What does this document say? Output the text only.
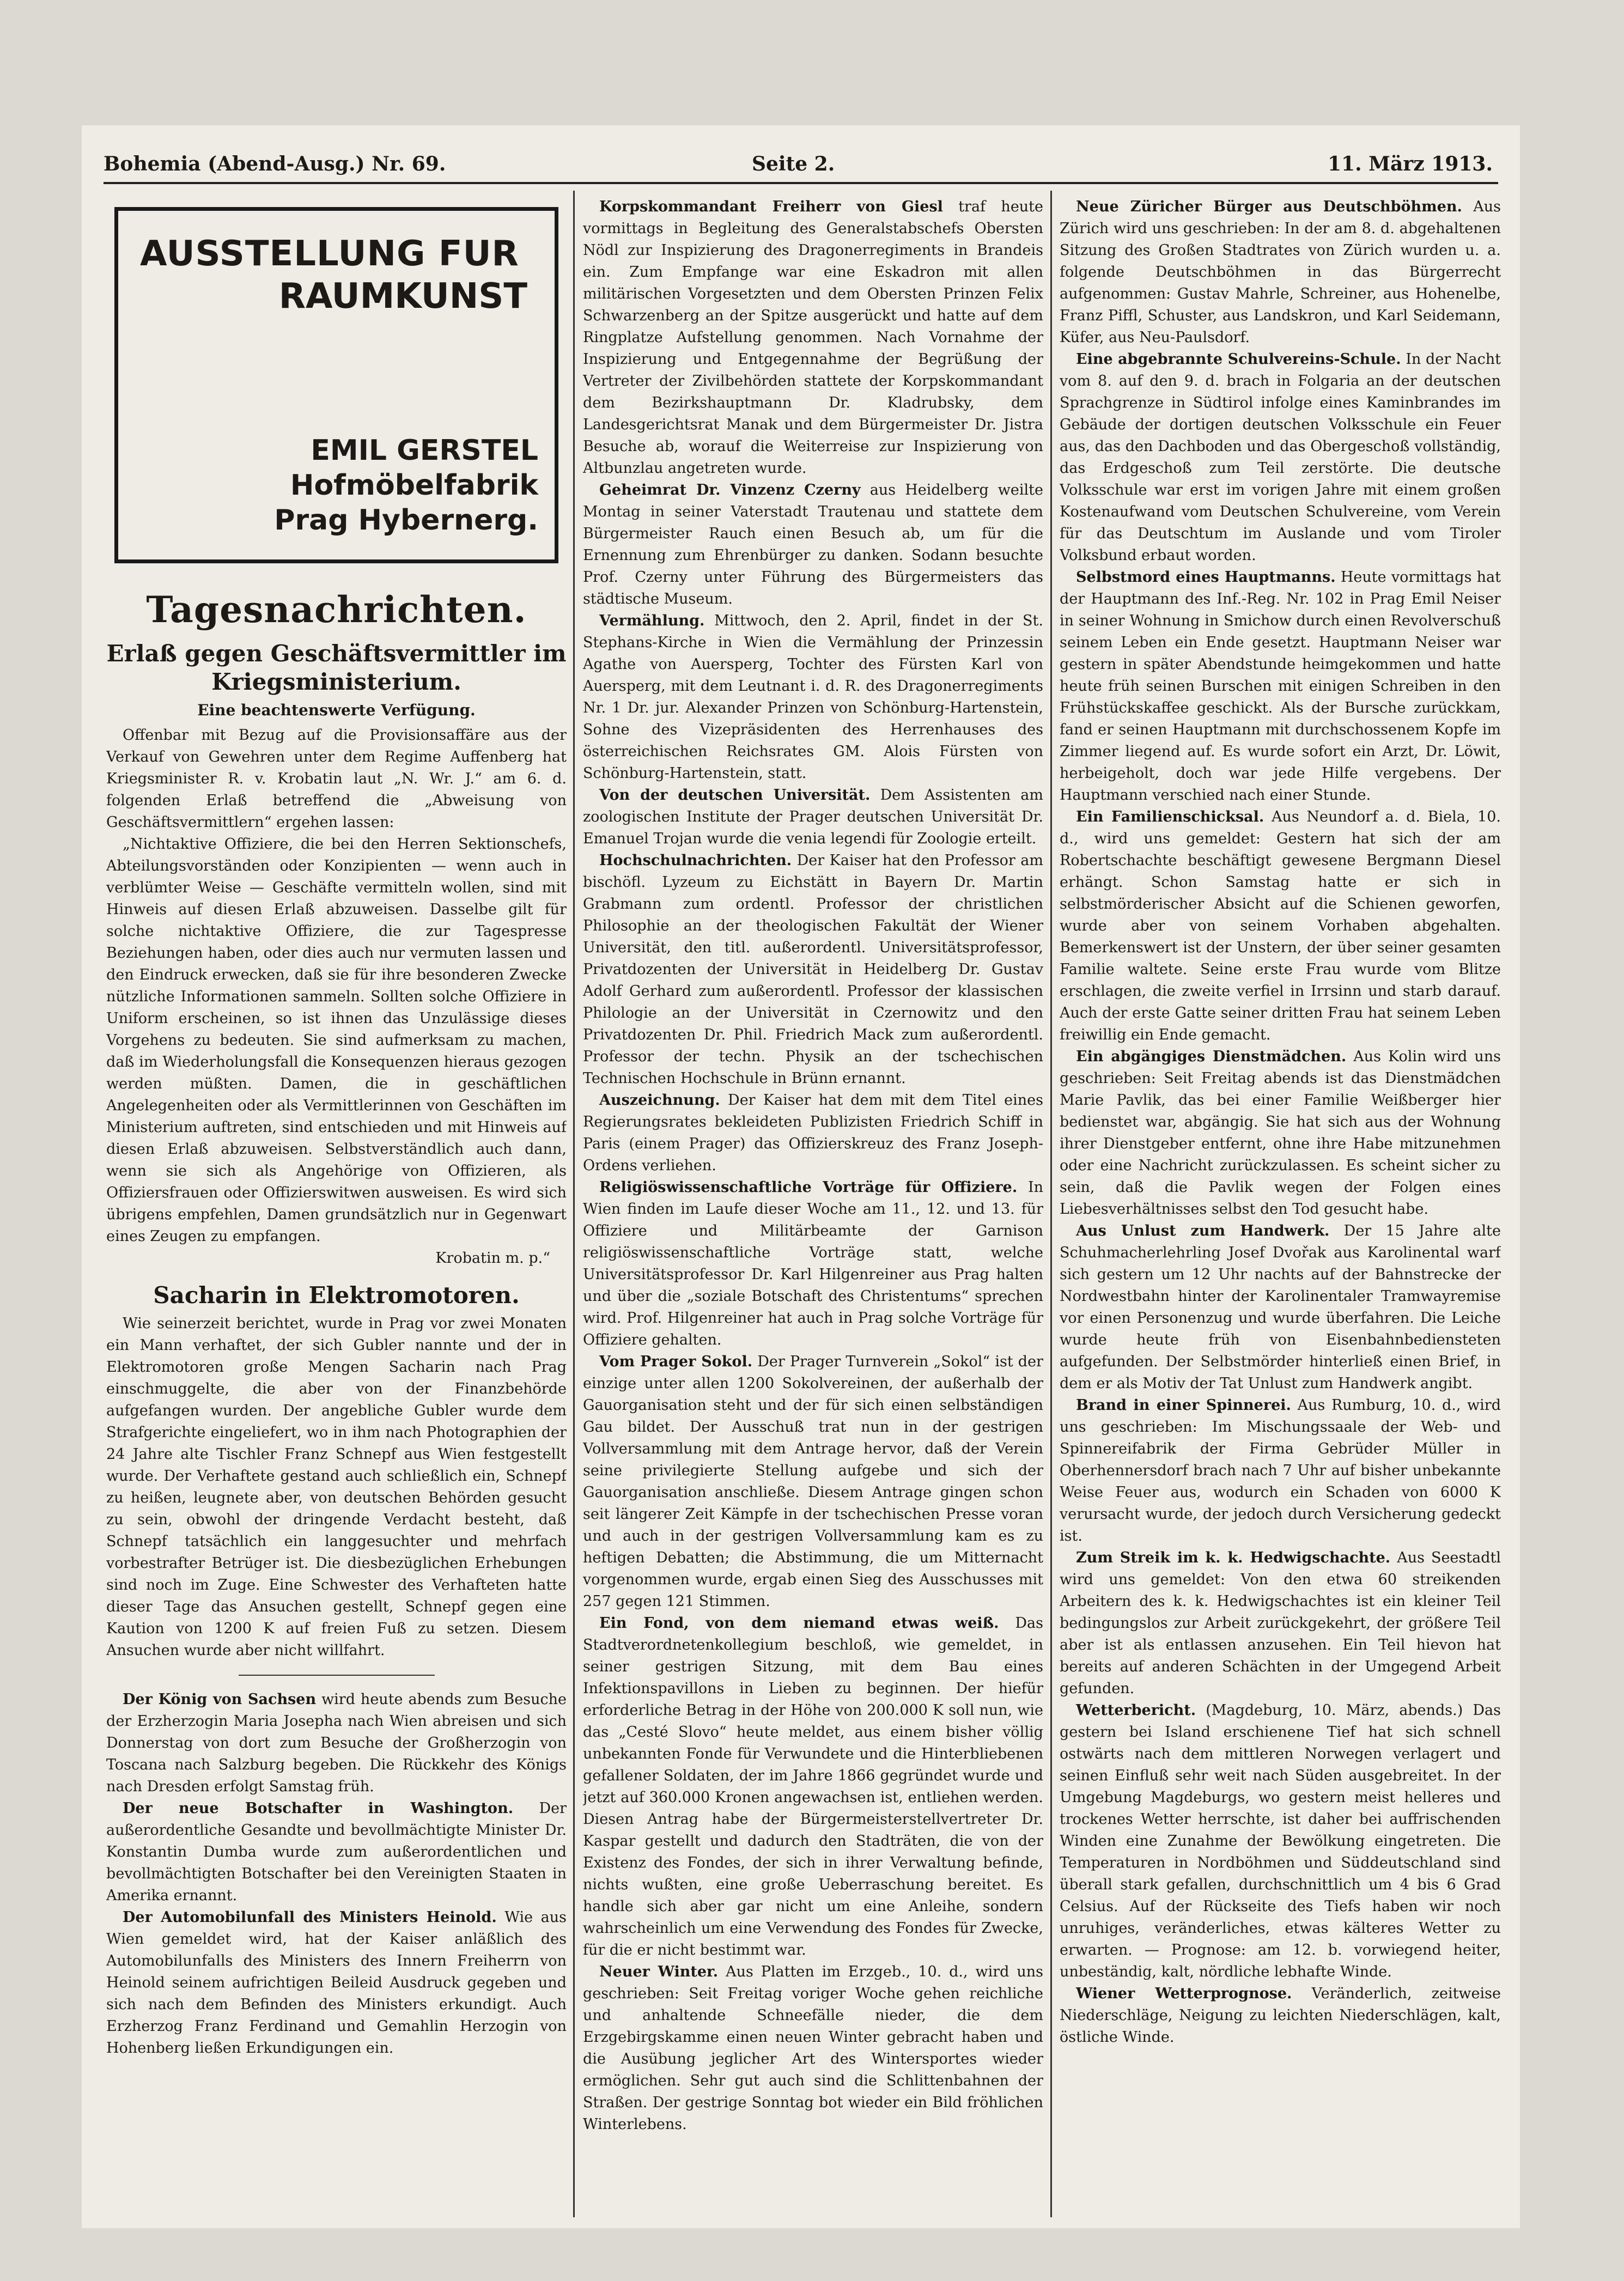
Bohemia (Abend-Ausg.) Nr. 69.	Seite 2.	11. März 1913.
AUSSTELLUNG FUR
RAUMKUNST
EMIL GERSTEL
Hofmöbelfabrik
Prag Hybernerg.
Tagesnachrichten.
Erlaß gegen Geschäftsvermittler im Kriegsministerium.
Eine beachtenswerte Verfügung.

Offenbar mit Bezug auf die Provisionsaffäre aus der Verkauf von Gewehren unter dem Regime Auffenberg hat Kriegsminister R. v. Krobatin laut „N. Wr. J.“ am 6. d. folgenden Erlaß betreffend die „Abweisung von Geschäftsvermittlern“ ergehen lassen:

„Nichtaktive Offiziere, die bei den Herren Sektionschefs, Abteilungsvorständen oder Konzipienten — wenn auch in verblümter Weise — Geschäfte vermitteln wollen, sind mit Hinweis auf diesen Erlaß abzuweisen. Dasselbe gilt für solche nichtaktive Offiziere, die zur Tagespresse Beziehungen haben, oder dies auch nur vermuten lassen und den Eindruck erwecken, daß sie für ihre besonderen Zwecke nützliche Informationen sammeln. Sollten solche Offiziere in Uniform erscheinen, so ist ihnen das Unzulässige dieses Vorgehens zu bedeuten. Sie sind aufmerksam zu machen, daß im Wiederholungsfall die Konsequenzen hieraus gezogen werden müßten. Damen, die in geschäftlichen Angelegenheiten oder als Vermittlerinnen von Geschäften im Ministerium auftreten, sind entschieden und mit Hinweis auf diesen Erlaß abzuweisen. Selbstverständlich auch dann, wenn sie sich als Angehörige von Offizieren, als Offiziersfrauen oder Offizierswitwen ausweisen. Es wird sich übrigens empfehlen, Damen grundsätzlich nur in Gegenwart eines Zeugen zu empfangen.

Krobatin m. p.“
Sacharin in Elektromotoren.

Wie seinerzeit berichtet, wurde in Prag vor zwei Monaten ein Mann verhaftet, der sich Gubler nannte und der in Elektromotoren große Mengen Sacharin nach Prag einschmuggelte, die aber von der Finanzbehörde aufgefangen wurden. Der angebliche Gubler wurde dem Strafgerichte eingeliefert, wo in ihm nach Photographien der 24 Jahre alte Tischler Franz Schnepf aus Wien festgestellt wurde. Der Verhaftete gestand auch schließlich ein, Schnepf zu heißen, leugnete aber, von deutschen Behörden gesucht zu sein, obwohl der dringende Verdacht besteht, daß Schnepf tatsächlich ein langgesuchter und mehrfach vorbestrafter Betrüger ist. Die diesbezüglichen Erhebungen sind noch im Zuge. Eine Schwester des Verhafteten hatte dieser Tage das Ansuchen gestellt, Schnepf gegen eine Kaution von 1200 K auf freien Fuß zu setzen. Diesem Ansuchen wurde aber nicht willfahrt.

Der König von Sachsen wird heute abends zum Besuche der Erzherzogin Maria Josepha nach Wien abreisen und sich Donnerstag von dort zum Besuche der Großherzogin von Toscana nach Salzburg begeben. Die Rückkehr des Königs nach Dresden erfolgt Samstag früh.

Der neue Botschafter in Washington. Der außerordentliche Gesandte und bevollmächtigte Minister Dr. Konstantin Dumba wurde zum außerordentlichen und bevollmächtigten Botschafter bei den Vereinigten Staaten in Amerika ernannt.

Der Automobilunfall des Ministers Heinold. Wie aus Wien gemeldet wird, hat der Kaiser anläßlich des Automobilunfalls des Ministers des Innern Freiherrn von Heinold seinem aufrichtigen Beileid Ausdruck gegeben und sich nach dem Befinden des Ministers erkundigt. Auch Erzherzog Franz Ferdinand und Gemahlin Herzogin von Hohenberg ließen Erkundigungen ein.

Korpskommandant Freiherr von Giesl traf heute vormittags in Begleitung des Generalstabschefs Obersten Nödl zur Inspizierung des Dragonerregiments in Brandeis ein. Zum Empfange war eine Eskadron mit allen militärischen Vorgesetzten und dem Obersten Prinzen Felix Schwarzenberg an der Spitze ausgerückt und hatte auf dem Ringplatze Aufstellung genommen. Nach Vornahme der Inspizierung und Entgegennahme der Begrüßung der Vertreter der Zivilbehörden stattete der Korpskommandant dem Bezirkshauptmann Dr. Kladrubsky, dem Landesgerichtsrat Manak und dem Bürgermeister Dr. Jistra Besuche ab, worauf die Weiterreise zur Inspizierung von Altbunzlau angetreten wurde.

Geheimrat Dr. Vinzenz Czerny aus Heidelberg weilte Montag in seiner Vaterstadt Trautenau und stattete dem Bürgermeister Rauch einen Besuch ab, um für die Ernennung zum Ehrenbürger zu danken. Sodann besuchte Prof. Czerny unter Führung des Bürgermeisters das städtische Museum.

Vermählung. Mittwoch, den 2. April, findet in der St. Stephans-Kirche in Wien die Vermählung der Prinzessin Agathe von Auersperg, Tochter des Fürsten Karl von Auersperg, mit dem Leutnant i. d. R. des Dragonerregiments Nr. 1 Dr. jur. Alexander Prinzen von Schönburg-Hartenstein, Sohne des Vizepräsidenten des Herrenhauses des österreichischen Reichsrates GM. Alois Fürsten von Schönburg-Hartenstein, statt.

Von der deutschen Universität. Dem Assistenten am zoologischen Institute der Prager deutschen Universität Dr. Emanuel Trojan wurde die venia legendi für Zoologie erteilt.

Hochschulnachrichten. Der Kaiser hat den Professor am bischöfl. Lyzeum zu Eichstätt in Bayern Dr. Martin Grabmann zum ordentl. Professor der christlichen Philosophie an der theologischen Fakultät der Wiener Universität, den titl. außerordentl. Universitätsprofessor, Privatdozenten der Universität in Heidelberg Dr. Gustav Adolf Gerhard zum außerordentl. Professor der klassischen Philologie an der Universität in Czernowitz und den Privatdozenten Dr. Phil. Friedrich Mack zum außerordentl. Professor der techn. Physik an der tschechischen Technischen Hochschule in Brünn ernannt.

Auszeichnung. Der Kaiser hat dem mit dem Titel eines Regierungsrates bekleideten Publizisten Friedrich Schiff in Paris (einem Prager) das Offizierskreuz des Franz Joseph-Ordens verliehen.

Religiöswissenschaftliche Vorträge für Offiziere. In Wien finden im Laufe dieser Woche am 11., 12. und 13. für Offiziere und Militärbeamte der Garnison religiöswissenschaftliche Vorträge statt, welche Universitätsprofessor Dr. Karl Hilgenreiner aus Prag halten und über die „soziale Botschaft des Christentums“ sprechen wird. Prof. Hilgenreiner hat auch in Prag solche Vorträge für Offiziere gehalten.

Vom Prager Sokol. Der Prager Turnverein „Sokol“ ist der einzige unter allen 1200 Sokolvereinen, der außerhalb der Gauorganisation steht und der für sich einen selbständigen Gau bildet. Der Ausschuß trat nun in der gestrigen Vollversammlung mit dem Antrage hervor, daß der Verein seine privilegierte Stellung aufgebe und sich der Gauorganisation anschließe. Diesem Antrage gingen schon seit längerer Zeit Kämpfe in der tschechischen Presse voran und auch in der gestrigen Vollversammlung kam es zu heftigen Debatten; die Abstimmung, die um Mitternacht vorgenommen wurde, ergab einen Sieg des Ausschusses mit 257 gegen 121 Stimmen.

Ein Fond, von dem niemand etwas weiß. Das Stadtverordnetenkollegium beschloß, wie gemeldet, in seiner gestrigen Sitzung, mit dem Bau eines Infektionspavillons in Lieben zu beginnen. Der hiefür erforderliche Betrag in der Höhe von 200.000 K soll nun, wie das „Cesté Slovo“ heute meldet, aus einem bisher völlig unbekannten Fonde für Verwundete und die Hinterbliebenen gefallener Soldaten, der im Jahre 1866 gegründet wurde und jetzt auf 360.000 Kronen angewachsen ist, entliehen werden. Diesen Antrag habe der Bürgermeisterstellvertreter Dr. Kaspar gestellt und dadurch den Stadträten, die von der Existenz des Fondes, der sich in ihrer Verwaltung befinde, nichts wußten, eine große Ueberraschung bereitet. Es handle sich aber gar nicht um eine Anleihe, sondern wahrscheinlich um eine Verwendung des Fondes für Zwecke, für die er nicht bestimmt war.

Neuer Winter. Aus Platten im Erzgeb., 10. d., wird uns geschrieben: Seit Freitag voriger Woche gehen reichliche und anhaltende Schneefälle nieder, die dem Erzgebirgskamme einen neuen Winter gebracht haben und die Ausübung jeglicher Art des Wintersportes wieder ermöglichen. Sehr gut auch sind die Schlittenbahnen der Straßen. Der gestrige Sonntag bot wieder ein Bild fröhlichen Winterlebens.

Neue Züricher Bürger aus Deutschböhmen. Aus Zürich wird uns geschrieben: In der am 8. d. abgehaltenen Sitzung des Großen Stadtrates von Zürich wurden u. a. folgende Deutschböhmen in das Bürgerrecht aufgenommen: Gustav Mahrle, Schreiner, aus Hohenelbe, Franz Piffl, Schuster, aus Landskron, und Karl Seidemann, Küfer, aus Neu-Paulsdorf.

Eine abgebrannte Schulvereins-Schule. In der Nacht vom 8. auf den 9. d. brach in Folgaria an der deutschen Sprachgrenze in Südtirol infolge eines Kaminbrandes im Gebäude der dortigen deutschen Volksschule ein Feuer aus, das den Dachboden und das Obergeschoß vollständig, das Erdgeschoß zum Teil zerstörte. Die deutsche Volksschule war erst im vorigen Jahre mit einem großen Kostenaufwand vom Deutschen Schulvereine, vom Verein für das Deutschtum im Auslande und vom Tiroler Volksbund erbaut worden.

Selbstmord eines Hauptmanns. Heute vormittags hat der Hauptmann des Inf.-Reg. Nr. 102 in Prag Emil Neiser in seiner Wohnung in Smichow durch einen Revolverschuß seinem Leben ein Ende gesetzt. Hauptmann Neiser war gestern in später Abendstunde heimgekommen und hatte heute früh seinen Burschen mit einigen Schreiben in den Frühstückskaffee geschickt. Als der Bursche zurückkam, fand er seinen Hauptmann mit durchschossenem Kopfe im Zimmer liegend auf. Es wurde sofort ein Arzt, Dr. Löwit, herbeigeholt, doch war jede Hilfe vergebens. Der Hauptmann verschied nach einer Stunde.

Ein Familienschicksal. Aus Neundorf a. d. Biela, 10. d., wird uns gemeldet: Gestern hat sich der am Robertschachte beschäftigt gewesene Bergmann Diesel erhängt. Schon Samstag hatte er sich in selbstmörderischer Absicht auf die Schienen geworfen, wurde aber von seinem Vorhaben abgehalten. Bemerkenswert ist der Unstern, der über seiner gesamten Familie waltete. Seine erste Frau wurde vom Blitze erschlagen, die zweite verfiel in Irrsinn und starb darauf. Auch der erste Gatte seiner dritten Frau hat seinem Leben freiwillig ein Ende gemacht.

Ein abgängiges Dienstmädchen. Aus Kolin wird uns geschrieben: Seit Freitag abends ist das Dienstmädchen Marie Pavlik, das bei einer Familie Weißberger hier bedienstet war, abgängig. Sie hat sich aus der Wohnung ihrer Dienstgeber entfernt, ohne ihre Habe mitzunehmen oder eine Nachricht zurückzulassen. Es scheint sicher zu sein, daß die Pavlik wegen der Folgen eines Liebesverhältnisses selbst den Tod gesucht habe.

Aus Unlust zum Handwerk. Der 15 Jahre alte Schuhmacherlehrling Josef Dvořak aus Karolinental warf sich gestern um 12 Uhr nachts auf der Bahnstrecke der Nordwestbahn hinter der Karolinentaler Tramwayremise vor einen Personenzug und wurde überfahren. Die Leiche wurde heute früh von Eisenbahnbediensteten aufgefunden. Der Selbstmörder hinterließ einen Brief, in dem er als Motiv der Tat Unlust zum Handwerk angibt.

Brand in einer Spinnerei. Aus Rumburg, 10. d., wird uns geschrieben: Im Mischungssaale der Web- und Spinnereifabrik der Firma Gebrüder Müller in Oberhennersdorf brach nach 7 Uhr auf bisher unbekannte Weise Feuer aus, wodurch ein Schaden von 6000 K verursacht wurde, der jedoch durch Versicherung gedeckt ist.

Zum Streik im k. k. Hedwigschachte. Aus Seestadtl wird uns gemeldet: Von den etwa 60 streikenden Arbeitern des k. k. Hedwigschachtes ist ein kleiner Teil bedingungslos zur Arbeit zurückgekehrt, der größere Teil aber ist als entlassen anzusehen. Ein Teil hievon hat bereits auf anderen Schächten in der Umgegend Arbeit gefunden.

Wetterbericht. (Magdeburg, 10. März, abends.) Das gestern bei Island erschienene Tief hat sich schnell ostwärts nach dem mittleren Norwegen verlagert und seinen Einfluß sehr weit nach Süden ausgebreitet. In der Umgebung Magdeburgs, wo gestern meist helleres und trockenes Wetter herrschte, ist daher bei auffrischenden Winden eine Zunahme der Bewölkung eingetreten. Die Temperaturen in Nordböhmen und Süddeutschland sind überall stark gefallen, durchschnittlich um 4 bis 6 Grad Celsius. Auf der Rückseite des Tiefs haben wir noch unruhiges, veränderliches, etwas kälteres Wetter zu erwarten. — Prognose: am 12. b. vorwiegend heiter, unbeständig, kalt, nördliche lebhafte Winde.

Wiener Wetterprognose. Veränderlich, zeitweise Niederschläge, Neigung zu leichten Niederschlägen, kalt, östliche Winde.
